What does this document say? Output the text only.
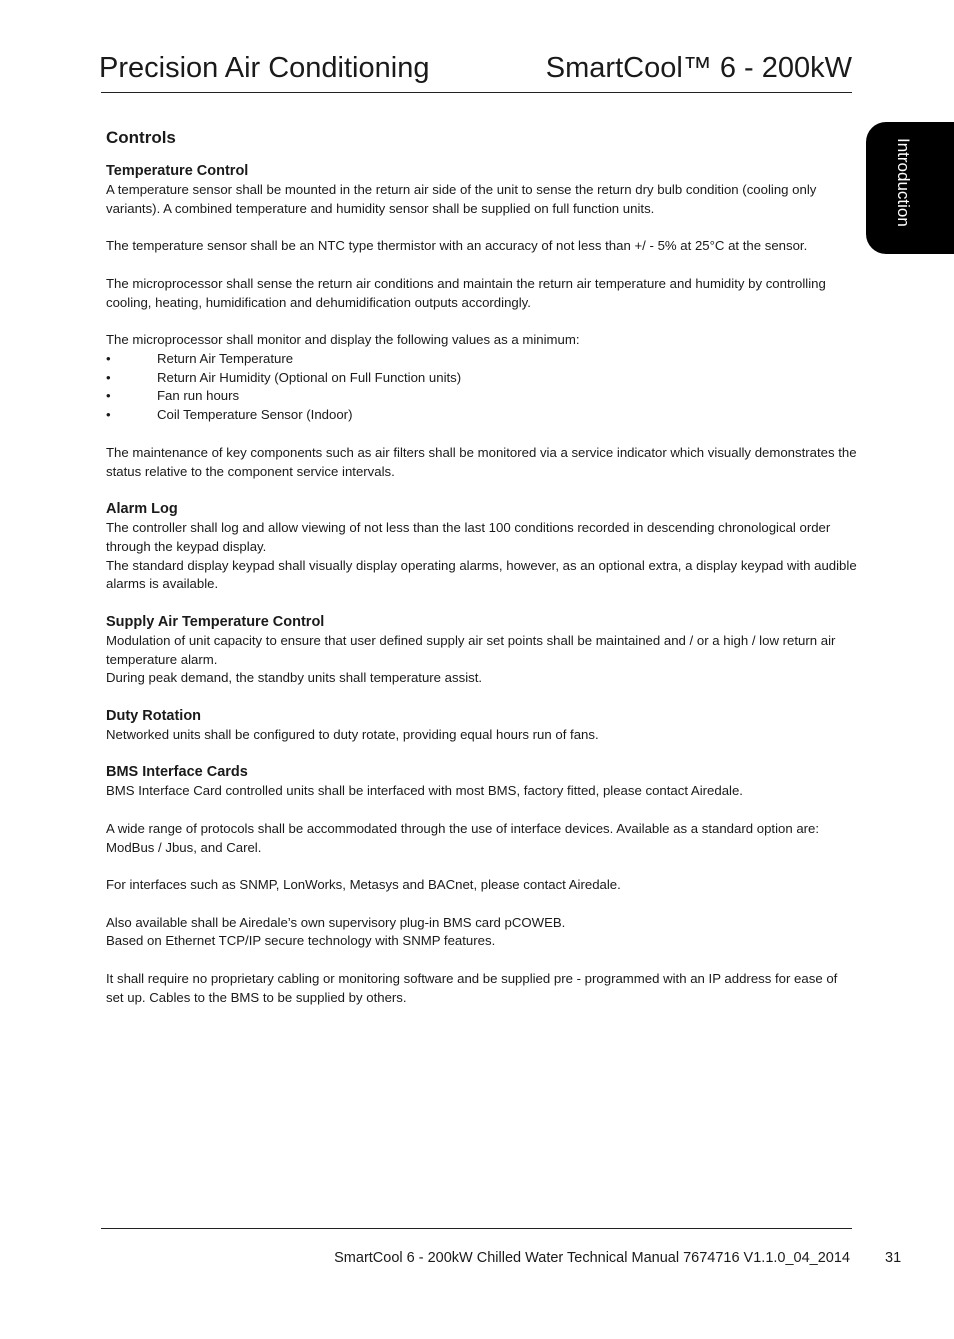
Precision Air Conditioning	SmartCool™ 6 - 200kW
Introduction
Controls
Temperature Control

A temperature sensor shall be mounted in the return air side of the unit to sense the return dry bulb condition (cooling only variants). A combined temperature and humidity sensor shall be supplied on full function units.

The temperature sensor shall be an NTC type thermistor with an accuracy of not less than +/ - 5% at 25°C at the sensor.

The microprocessor shall sense the return air conditions and maintain the return air temperature and humidity by controlling cooling, heating, humidification and dehumidification outputs accordingly.

The microprocessor shall monitor and display the following values as a minimum:

•	Return Air Temperature
•	Return Air Humidity (Optional on Full Function units)
•	Fan run hours
•	Coil Temperature Sensor (Indoor)

The maintenance of key components such as air filters shall be monitored via a service indicator which visually demonstrates the status relative to the component service intervals.

Alarm Log

The controller shall log and allow viewing of not less than the last 100 conditions recorded in descending chronological order through the keypad display.

The standard display keypad shall visually display operating alarms, however, as an optional extra, a display keypad with audible alarms is available.

Supply Air Temperature Control

Modulation of unit capacity to ensure that user defined supply air set points shall be maintained and / or a high / low return air temperature alarm.

During peak demand, the standby units shall temperature assist.

Duty Rotation

Networked units shall be configured to duty rotate, providing equal hours run of fans.

BMS Interface Cards

BMS Interface Card controlled units shall be interfaced with most BMS, factory fitted, please contact Airedale.

A wide range of protocols shall be accommodated through the use of interface devices. Available as a standard option are: ModBus / Jbus, and Carel.

For interfaces such as SNMP, LonWorks, Metasys and BACnet, please contact Airedale.

Also available shall be Airedale’s own supervisory plug-in BMS card pCOWEB.

Based on Ethernet TCP/IP secure technology with SNMP features.

It shall require no proprietary cabling or monitoring software and be supplied pre - programmed with an IP address for ease of set up. Cables to the BMS to be supplied by others.

SmartCool 6 - 200kW Chilled Water Technical Manual 7674716 V1.1.0_04_2014 31
